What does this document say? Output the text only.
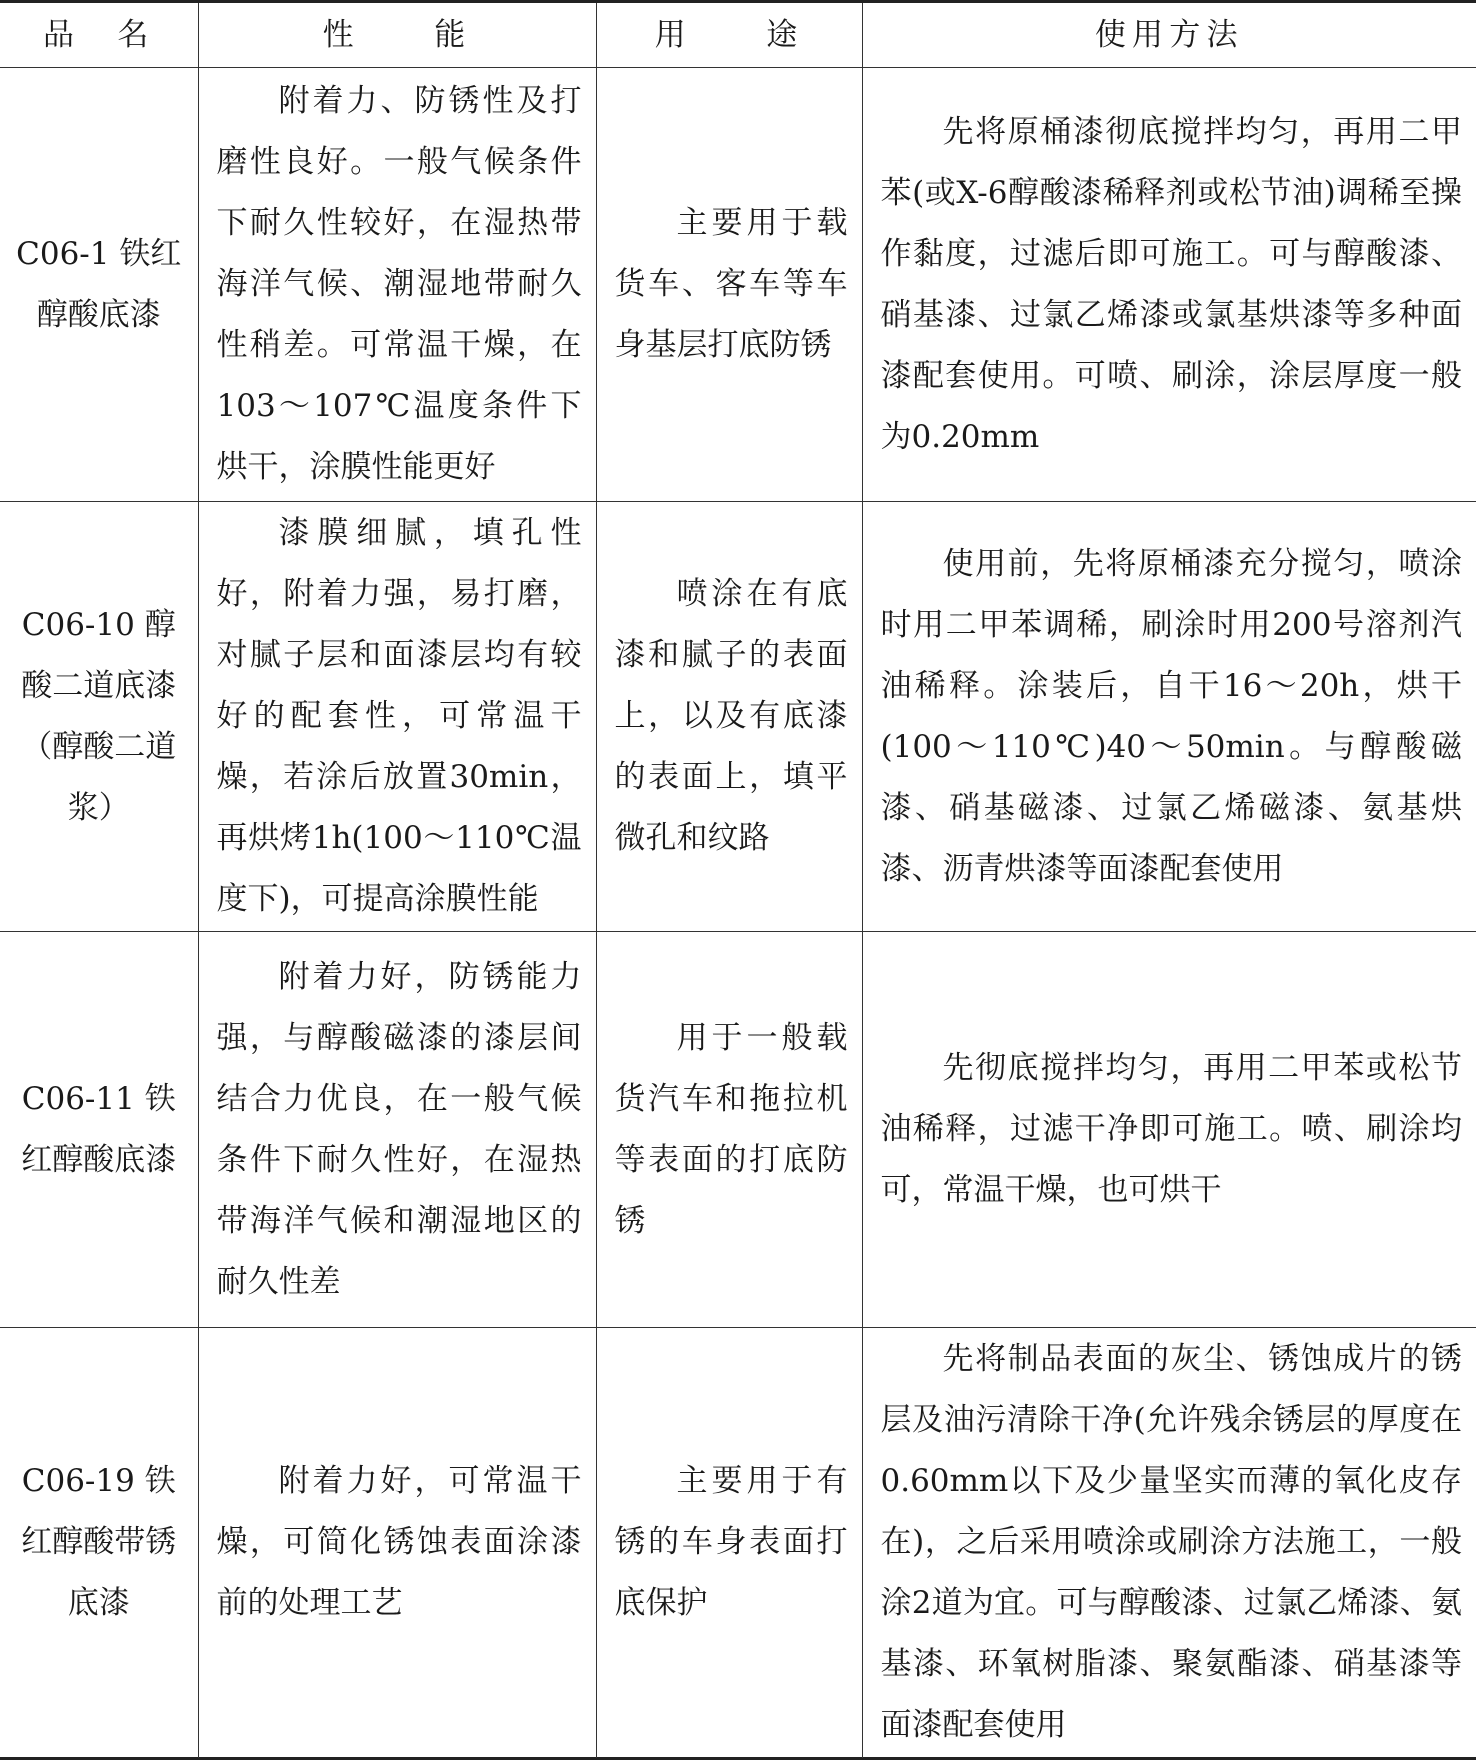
品　名	性　　能	用　　途	使用方法
C06-1 铁红醇酸底漆	附着力、防锈性及打磨性良好。一般气候条件下耐久性较好，在湿热带海洋气候、潮湿地带耐久性稍差。可常温干燥，在103～107℃温度条件下烘干，涂膜性能更好	主要用于载货车、客车等车身基层打底防锈	先将原桶漆彻底搅拌均匀，再用二甲苯(或X-6醇酸漆稀释剂或松节油)调稀至操作黏度，过滤后即可施工。可与醇酸漆、硝基漆、过氯乙烯漆或氯基烘漆等多种面漆配套使用。可喷、刷涂，涂层厚度一般为0.20mm

C06-10 醇酸二道底漆（醇酸二道浆）	漆膜细腻，填孔性好，附着力强，易打磨，对腻子层和面漆层均有较好的配套性，可常温干燥，若涂后放置30min，再烘烤1h(100～110℃温度下)，可提高涂膜性能	喷涂在有底漆和腻子的表面上，以及有底漆的表面上，填平微孔和纹路	使用前，先将原桶漆充分搅匀，喷涂时用二甲苯调稀，刷涂时用200号溶剂汽油稀释。涂装后，自干16～20h，烘干(100～110℃)40～50min。与醇酸磁漆、硝基磁漆、过氯乙烯磁漆、氨基烘漆、沥青烘漆等面漆配套使用

C06-11 铁红醇酸底漆	附着力好，防锈能力强，与醇酸磁漆的漆层间结合力优良，在一般气候条件下耐久性好，在湿热带海洋气候和潮湿地区的耐久性差	用于一般载货汽车和拖拉机等表面的打底防锈	先彻底搅拌均匀，再用二甲苯或松节油稀释，过滤干净即可施工。喷、刷涂均可，常温干燥，也可烘干

C06-19 铁红醇酸带锈底漆	附着力好，可常温干燥，可简化锈蚀表面涂漆前的处理工艺	主要用于有锈的车身表面打底保护	先将制品表面的灰尘、锈蚀成片的锈层及油污清除干净(允许残余锈层的厚度在0.60mm以下及少量坚实而薄的氧化皮存在)，之后采用喷涂或刷涂方法施工，一般涂2道为宜。可与醇酸漆、过氯乙烯漆、氨基漆、环氧树脂漆、聚氨酯漆、硝基漆等面漆配套使用
